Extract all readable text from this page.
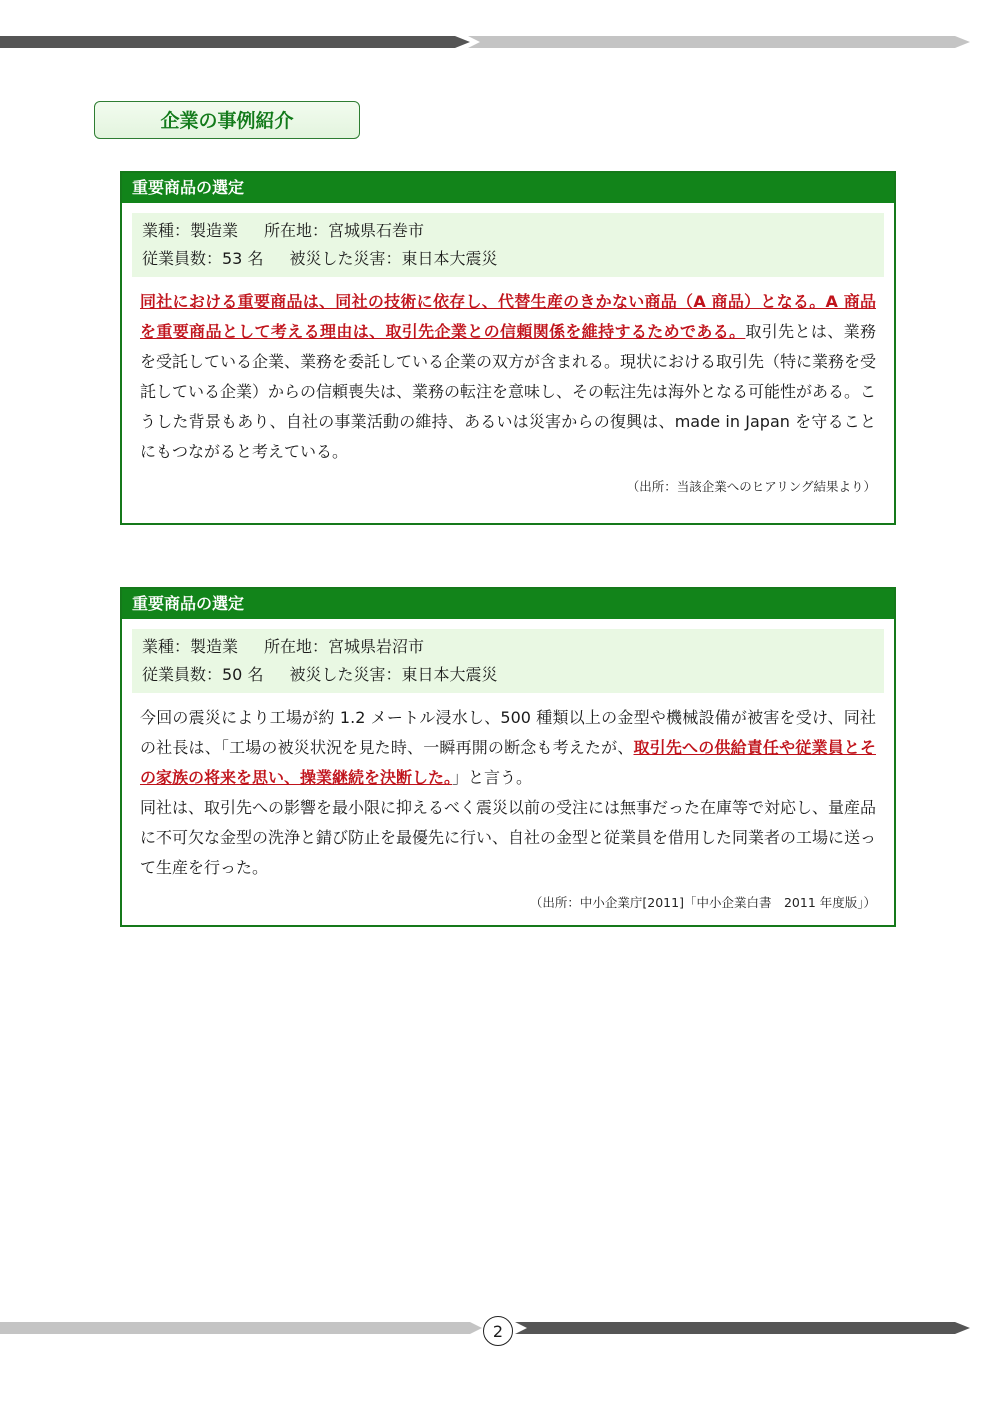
企業の事例紹介
重要商品の選定
業種：製造業 所在地：宮城県石巻市
従業員数：53 名 被災した災害：東日本大震災
同社における重要商品は、同社の技術に依存し、代替生産のきかない商品（A 商品）となる。A 商品を重要商品として考える理由は、取引先企業との信頼関係を維持するためである。取引先とは、業務を受託している企業、業務を委託している企業の双方が含まれる。現状における取引先（特に業務を受託している企業）からの信頼喪失は、業務の転注を意味し、その転注先は海外となる可能性がある。こうした背景もあり、自社の事業活動の維持、あるいは災害からの復興は、made in Japan を守ることにもつながると考えている。
（出所：当該企業へのヒアリング結果より）
重要商品の選定
業種：製造業 所在地：宮城県岩沼市
従業員数：50 名 被災した災害：東日本大震災
今回の震災により工場が約 1.2 メートル浸水し、500 種類以上の金型や機械設備が被害を受け、同社の社長は、「工場の被災状況を見た時、一瞬再開の断念も考えたが、取引先への供給責任や従業員とその家族の将来を思い、操業継続を決断した。」と言う。
同社は、取引先への影響を最小限に抑えるべく震災以前の受注には無事だった在庫等で対応し、量産品に不可欠な金型の洗浄と錆び防止を最優先に行い、自社の金型と従業員を借用した同業者の工場に送って生産を行った。
（出所：中小企業庁[2011]「中小企業白書　2011 年度版」）
2
